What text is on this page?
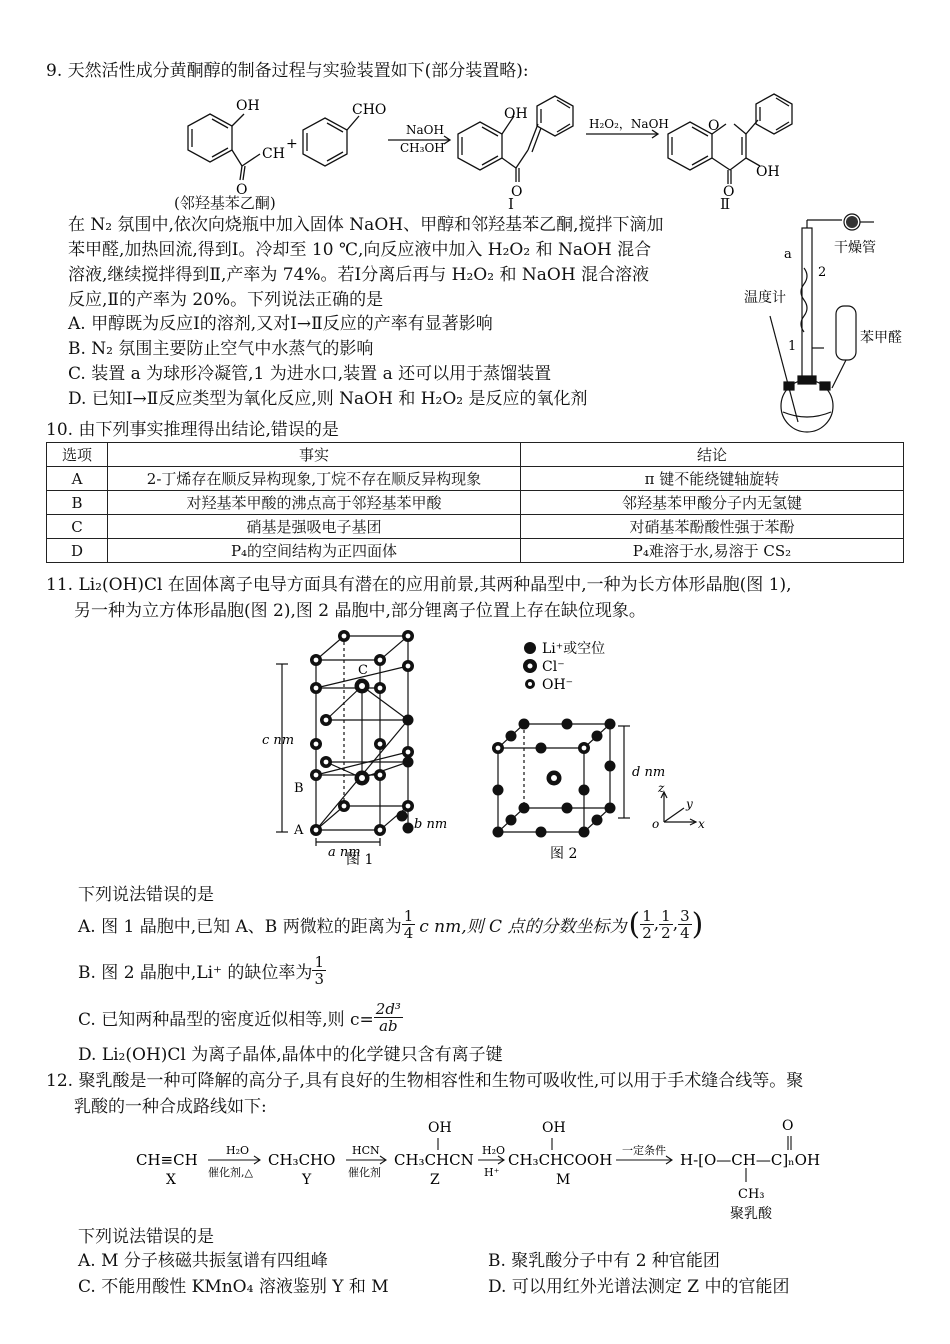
9. 天然活性成分黄酮醇的制备过程与实验装置如下(部分装置略):
OH
CH
+
CHO
O
NaOH
CH₃OH
OH
O
H₂O₂，NaOH	O
O
OH
(邻羟基苯乙酮)	Ⅰ	Ⅱ
在 N₂ 氛围中,依次向烧瓶中加入固体 NaOH、甲醇和邻羟基苯乙酮,搅拌下滴加
苯甲醛,加热回流,得到Ⅰ。冷却至 10 ℃,向反应液中加入 H₂O₂ 和 NaOH 混合
溶液,继续搅拌得到Ⅱ,产率为 74%。若Ⅰ分离后再与 H₂O₂ 和 NaOH 混合溶液
反应,Ⅱ的产率为 20%。下列说法正确的是
A. 甲醇既为反应Ⅰ的溶剂,又对Ⅰ→Ⅱ反应的产率有显著影响
B. N₂ 氛围主要防止空气中水蒸气的影响
C. 装置 a 为球形冷凝管,1 为进水口,装置 a 还可以用于蒸馏装置
D. 已知Ⅰ→Ⅱ反应类型为氧化反应,则 NaOH 和 H₂O₂ 是反应的氧化剂
a
2
1
干燥管
温度计
苯甲醛
10. 由下列事实推理得出结论,错误的是
选项	事实	结论
A	2-丁烯存在顺反异构现象,丁烷不存在顺反异构现象	π 键不能绕键轴旋转
B	对羟基苯甲酸的沸点高于邻羟基苯甲酸	邻羟基苯甲酸分子内无氢键
C	硝基是强吸电子基团	对硝基苯酚酸性强于苯酚
D	P₄的空间结构为正四面体	P₄难溶于水,易溶于 CS₂
11. Li₂(OH)Cl 在固体离子电导方面具有潜在的应用前景,其两种晶型中,一种为长方体形晶胞(图 1),
另一种为立方体形晶胞(图 2),图 2 晶胞中,部分锂离子位置上存在缺位现象。
c nm
a nm
b nm
A
B
C
图 1
Li⁺或空位
Cl⁻
OH⁻
d nm
z
y
x
o
图 2
下列说法错误的是
A. 图 1 晶胞中,已知 A、B 两微粒的距离为 $\frac{1}{4}$ c nm,则 C 点的分数坐标为 ( $\frac{1}{2}$ , $\frac{1}{2}$ , $\frac{3}{4}$ )
B. 图 2 晶胞中,Li⁺ 的缺位率为 $\frac{1}{3}$
C. 已知两种晶型的密度近似相等,则 $c= \frac{\text{2d³}}{ab}$
D. Li₂(OH)Cl 为离子晶体,晶体中的化学键只含有离子键
12. 聚乳酸是一种可降解的高分子,具有良好的生物相容性和生物可吸收性,可以用于手术缝合线等。聚
乳酸的一种合成路线如下:
CH≡CH
X
H₂O
催化剂,△
CH₃CHO
Y
HCN
催化剂
OH
CH₃CHCN
Z
H₂O
H⁺
OH
CH₃CHCOOH
M
一定条件
O
H-[O—CH—C]ₙOH
CH₃
聚乳酸
下列说法错误的是
A. M 分子核磁共振氢谱有四组峰	B. 聚乳酸分子中有 2 种官能团
C. 不能用酸性 KMnO₄ 溶液鉴别 Y 和 M	D. 可以用红外光谱法测定 Z 中的官能团
